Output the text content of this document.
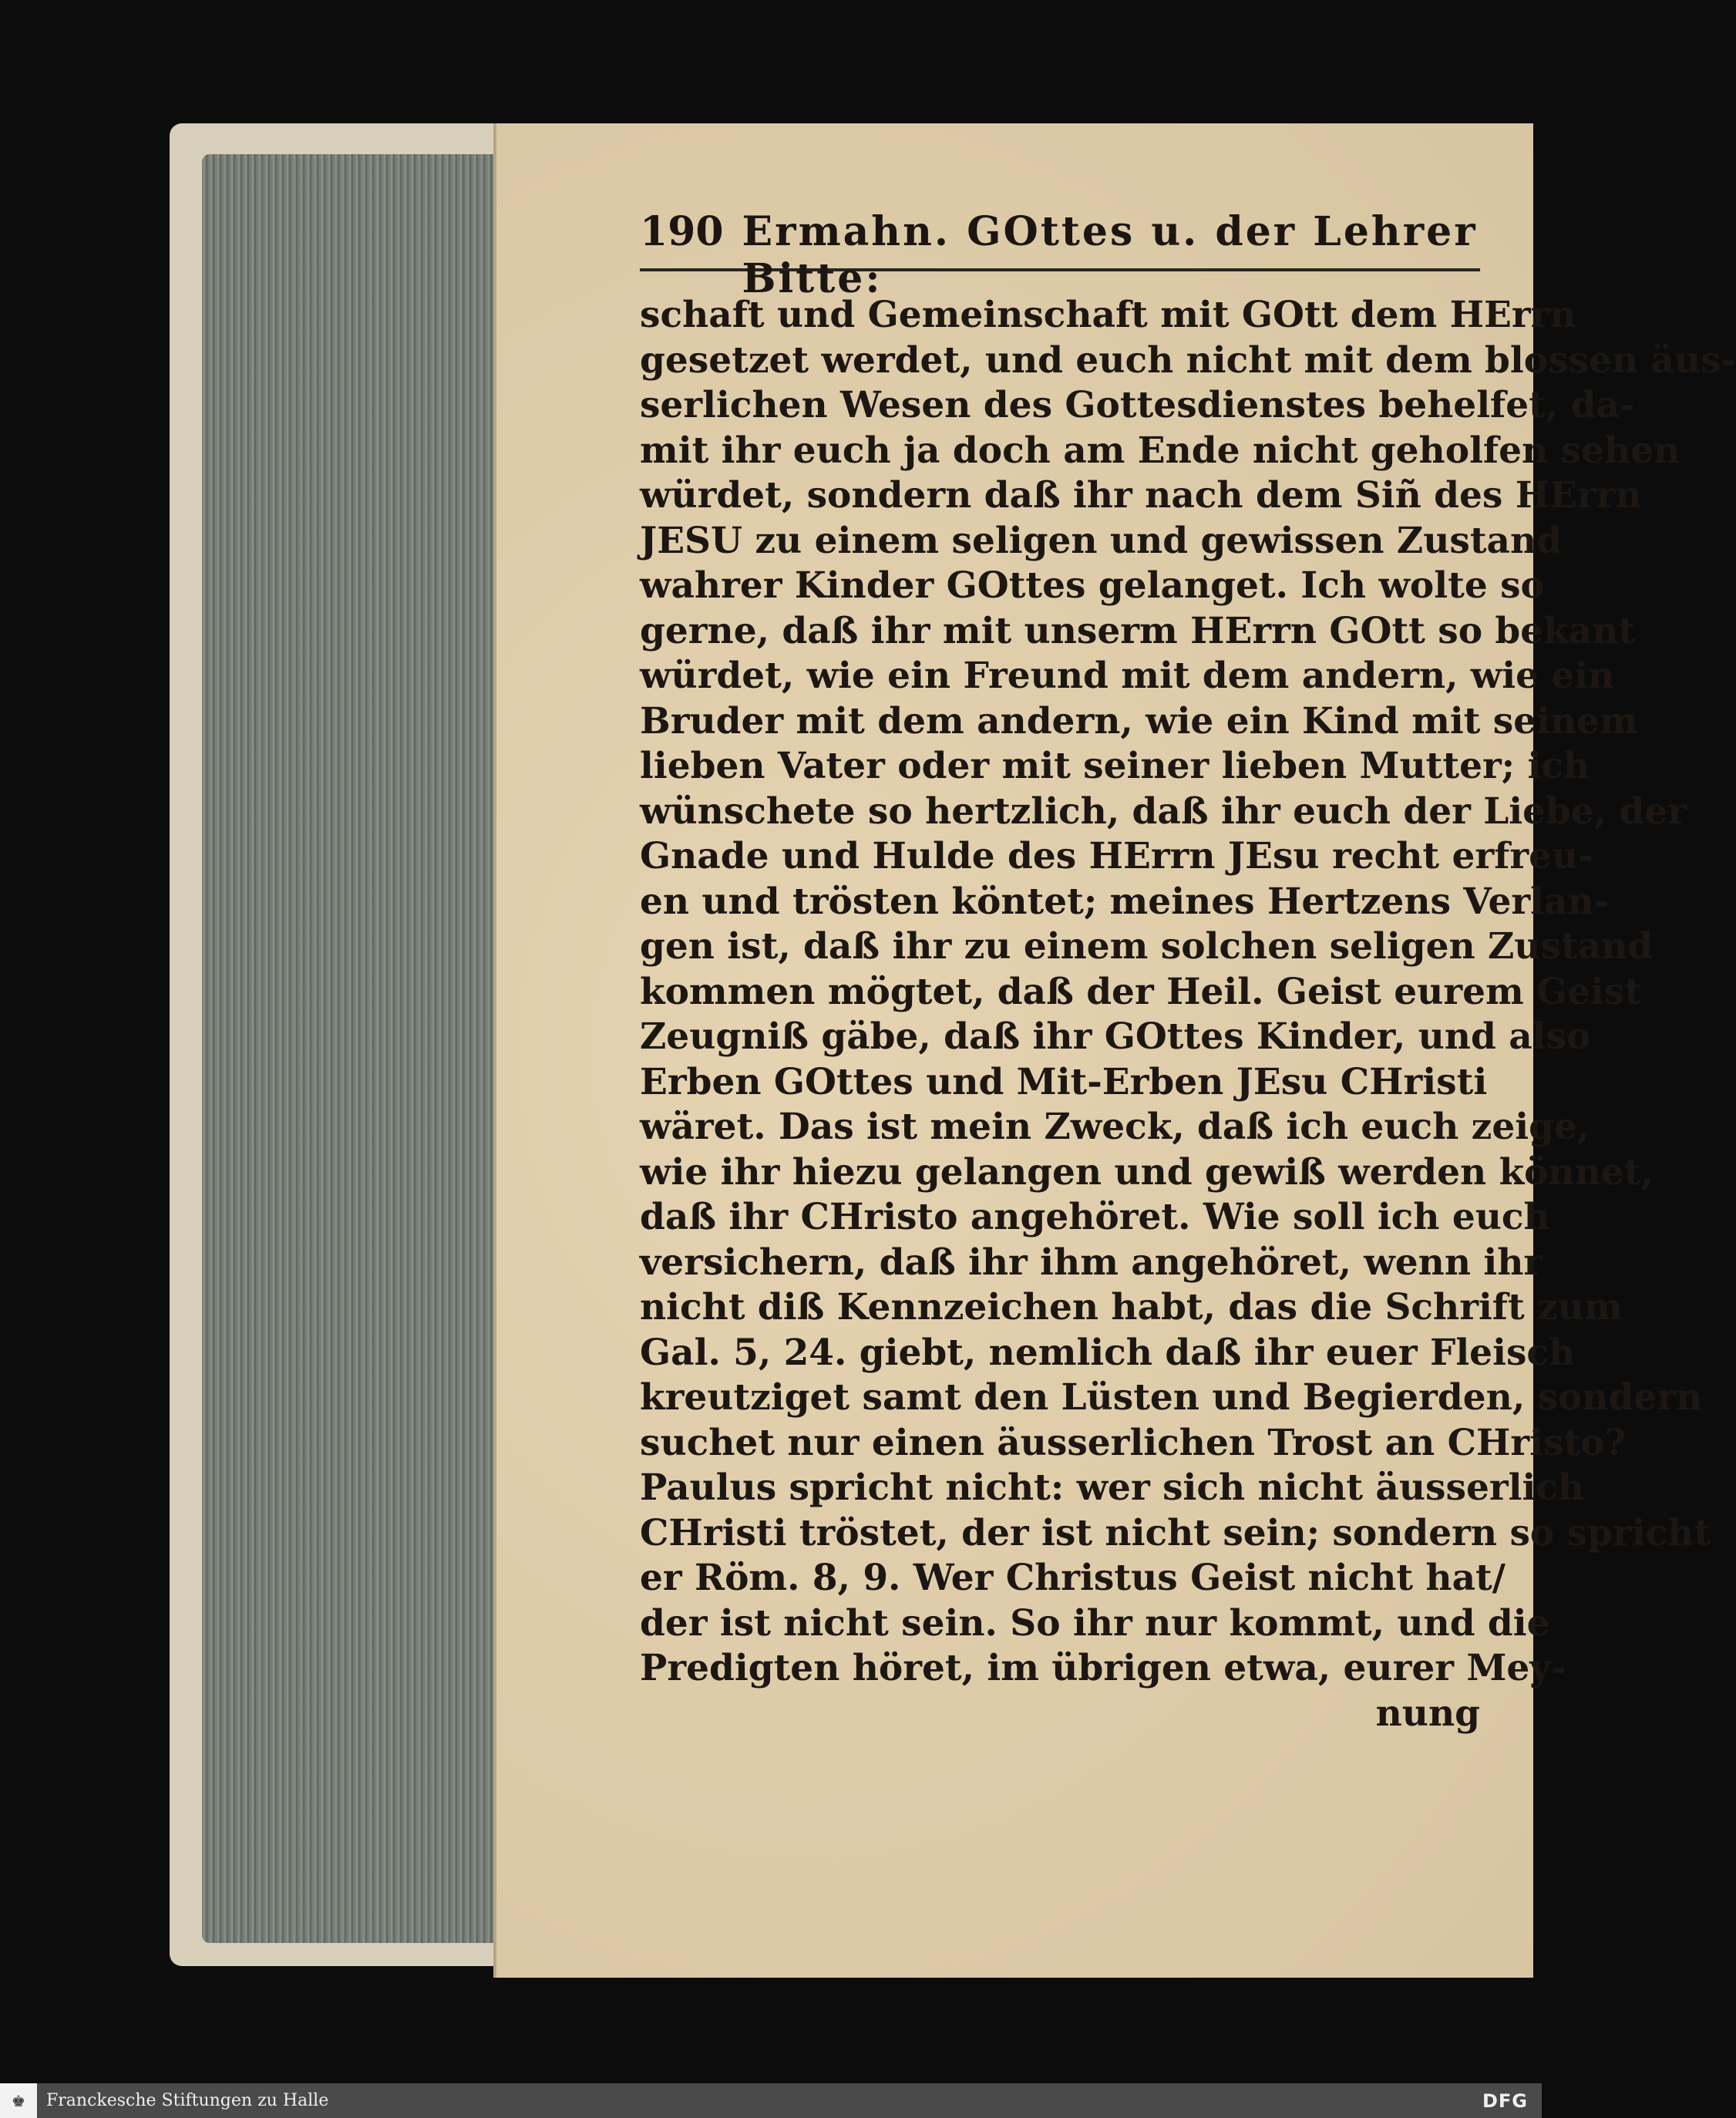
190 Ermahn. GOttes u. der Lehrer Bitte:
schaft und Gemeinschaft mit GOtt dem HErrn
gesetzet werdet, und euch nicht mit dem blossen äus-
serlichen Wesen des Gottesdienstes behelfet, da-
mit ihr euch ja doch am Ende nicht geholfen sehen
würdet, sondern daß ihr nach dem Siñ des HErrn
JESU zu einem seligen und gewissen Zustand
wahrer Kinder GOttes gelanget. Ich wolte so
gerne, daß ihr mit unserm HErrn GOtt so bekant
würdet, wie ein Freund mit dem andern, wie ein
Bruder mit dem andern, wie ein Kind mit seinem
lieben Vater oder mit seiner lieben Mutter; ich
wünschete so hertzlich, daß ihr euch der Liebe, der
Gnade und Hulde des HErrn JEsu recht erfreu-
en und trösten köntet; meines Hertzens Verlan-
gen ist, daß ihr zu einem solchen seligen Zustand
kommen mögtet, daß der Heil. Geist eurem Geist
Zeugniß gäbe, daß ihr GOttes Kinder, und also
Erben GOttes und Mit-Erben JEsu CHristi
wäret. Das ist mein Zweck, daß ich euch zeige,
wie ihr hiezu gelangen und gewiß werden könnet,
daß ihr CHristo angehöret. Wie soll ich euch
versichern, daß ihr ihm angehöret, wenn ihr
nicht diß Kennzeichen habt, das die Schrift zum
Gal. 5, 24. giebt, nemlich daß ihr euer Fleisch
kreutziget samt den Lüsten und Begierden, sondern
suchet nur einen äusserlichen Trost an CHristo?
Paulus spricht nicht: wer sich nicht äusserlich
CHristi tröstet, der ist nicht sein; sondern so spricht
er Röm. 8, 9. Wer Christus Geist nicht hat/
der ist nicht sein. So ihr nur kommt, und die
Predigten höret, im übrigen etwa, eurer Mey-
nung
♚	Franckesche Stiftungen zu Halle	DFG
